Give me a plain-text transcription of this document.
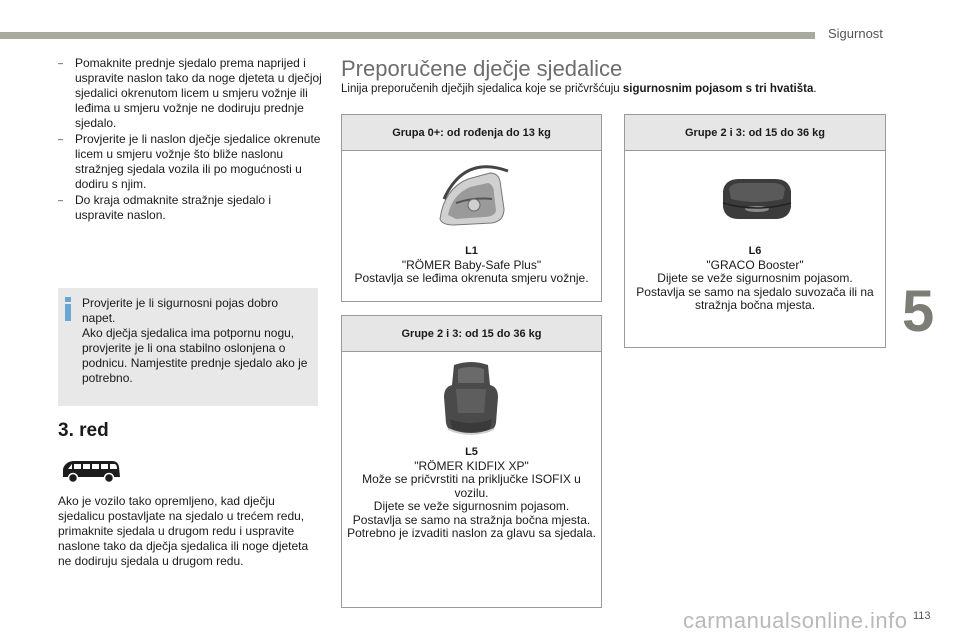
Sigurnost
5
– Pomaknite prednje sjedalo prema naprijed i uspravite naslon tako da noge djeteta u dječjoj sjedalici okrenutom licem u smjeru vožnje ili leđima u smjeru vožnje ne dodiruju prednje sjedalo.
– Provjerite je li naslon dječje sjedalice okrenute licem u smjeru vožnje što bliže naslonu stražnjeg sjedala vozila ili po mogućnosti u dodiru s njim.
– Do kraja odmaknite stražnje sjedalo i uspravite naslon.

Provjerite je li sigurnosni pojas dobro napet.

Ako dječja sjedalica ima potpornu nogu, provjerite je li ona stabilno oslonjena o podnicu. Namjestite prednje sjedalo ako je potrebno.

3. red
Ako je vozilo tako opremljeno, kad dječju sjedalicu postavljate na sjedalo u trećem redu, primaknite sjedala u drugom redu i uspravite naslone tako da dječja sjedalica ili noge djeteta ne dodiruju sjedala u drugom redu.
Preporučene dječje sjedalice
Linija preporučenih dječjih sjedalica koje se pričvršćuju sigurnosnim pojasom s tri hvatišta.
Grupa 0+: od rođenja do 13 kg
L1
"RÖMER Baby-Safe Plus"
Postavlja se leđima okrenuta smjeru vožnje.
Grupe 2 i 3: od 15 do 36 kg
L5
"RÖMER KIDFIX XP"
Može se pričvrstiti na priključke ISOFIX u vozilu.
Dijete se veže sigurnosnim pojasom.
Postavlja se samo na stražnja bočna mjesta.
Potrebno je izvaditi naslon za glavu sa sjedala.
Grupe 2 i 3: od 15 do 36 kg
L6
"GRACO Booster"
Dijete se veže sigurnosnim pojasom.
Postavlja se samo na sjedalo suvozača ili na stražnja bočna mjesta.
carmanualsonline.info 113
